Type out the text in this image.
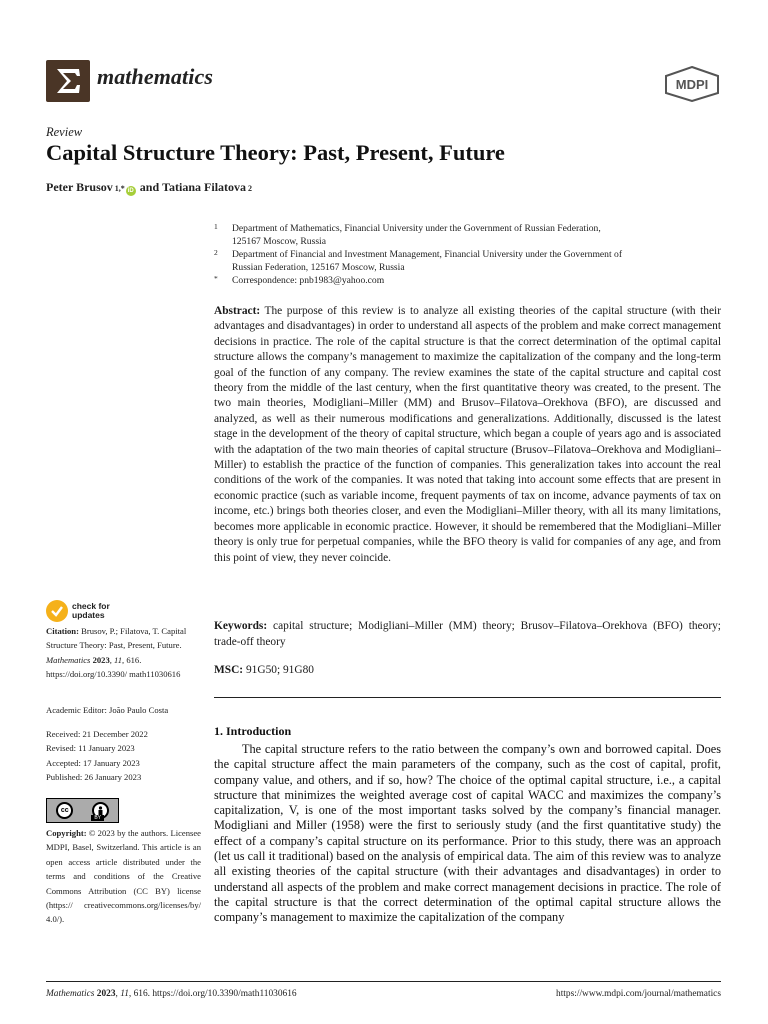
mathematics	MDPI
Review
Capital Structure Theory: Past, Present, Future
Peter Brusov 1,* iD and
Tatiana Filatova 2
1 Department of Mathematics, Financial University under the Government of Russian Federation,
125167 Moscow, Russia
2 Department of Financial and Investment Management, Financial University under the Government of
Russian Federation, 125167 Moscow, Russia
* Correspondence: pnb1983@yahoo.com
Abstract: The purpose of this review is to analyze all existing theories of the capital structure (with their advantages and disadvantages) in order to understand all aspects of the problem and make correct management decisions in practice. The role of the capital structure is that the correct determination of the optimal capital structure allows the company’s management to maximize the capitalization of the company and the long-term goal of the function of any company. The review examines the state of the capital structure and capital cost theory from the middle of the last century, when the first quantitative theory was created, to the present. The two main theories, Modigliani–Miller (MM) and Brusov–Filatova–Orekhova (BFO), are discussed and analyzed, as well as their numerous modifications and generalizations. Additionally, discussed is the latest stage in the development of the theory of capital structure, which began a couple of years ago and is associated with the adaptation of the two main theories of capital structure (Brusov–Filatova–Orekhova and Modigliani–Miller) to establish the practice of the function of companies. This generalization takes into account the real conditions of the work of the companies. It was noted that taking into account some effects that are present in economic practice (such as variable income, frequent payments of tax on income, advance payments of tax on income, etc.) brings both theories closer, and even the Modigliani–Miller theory, with all its many limitations, becomes more applicable in economic practice. However, it should be remembered that the Modigliani–Miller theory is only true for perpetual companies, while the BFO theory is valid for companies of any age, and from this point of view, they never coincide.
Keywords: capital structure; Modigliani–Miller (MM) theory; Brusov–Filatova–Orekhova (BFO) theory; trade-off theory
MSC: 91G50; 91G80
check for
updates
Citation: Brusov, P.; Filatova, T. Capital Structure Theory: Past, Present, Future. Mathematics 2023, 11, 616. https://doi.org/10.3390/ math11030616
Academic Editor: João Paulo Costa
Received: 21 December 2022
Revised: 11 January 2023
Accepted: 17 January 2023
Published: 26 January 2023
cc
BY
Copyright: © 2023 by the authors. Licensee MDPI, Basel, Switzerland. This article is an open access article distributed under the terms and conditions of the Creative Commons Attribution (CC BY) license (https:// creativecommons.org/licenses/by/ 4.0/).
1. Introduction
The capital structure refers to the ratio between the company’s own and borrowed capital. Does the capital structure affect the main parameters of the company, such as the cost of capital, profit, company value, and others, and if so, how? The choice of the optimal capital structure, i.e., a capital structure that minimizes the weighted average cost of capital WACC and maximizes the company’s capitalization, V, is one of the most important tasks solved by the company’s financial manager. Modigliani and Miller (1958) were the first to seriously study (and the first quantitative study) the effect of a company’s capital structure on its performance. Prior to this study, there was an approach (let us call it traditional) based on the analysis of empirical data. The aim of this review was to analyze all existing theories of the capital structure (with their advantages and disadvantages) in order to understand all aspects of the problem and make correct management decisions in practice. The role of the capital structure is that the correct determination of the optimal capital structure allows the company’s management to maximize the capitalization of the company
Mathematics 2023, 11, 616. https://doi.org/10.3390/math11030616	https://www.mdpi.com/journal/mathematics
